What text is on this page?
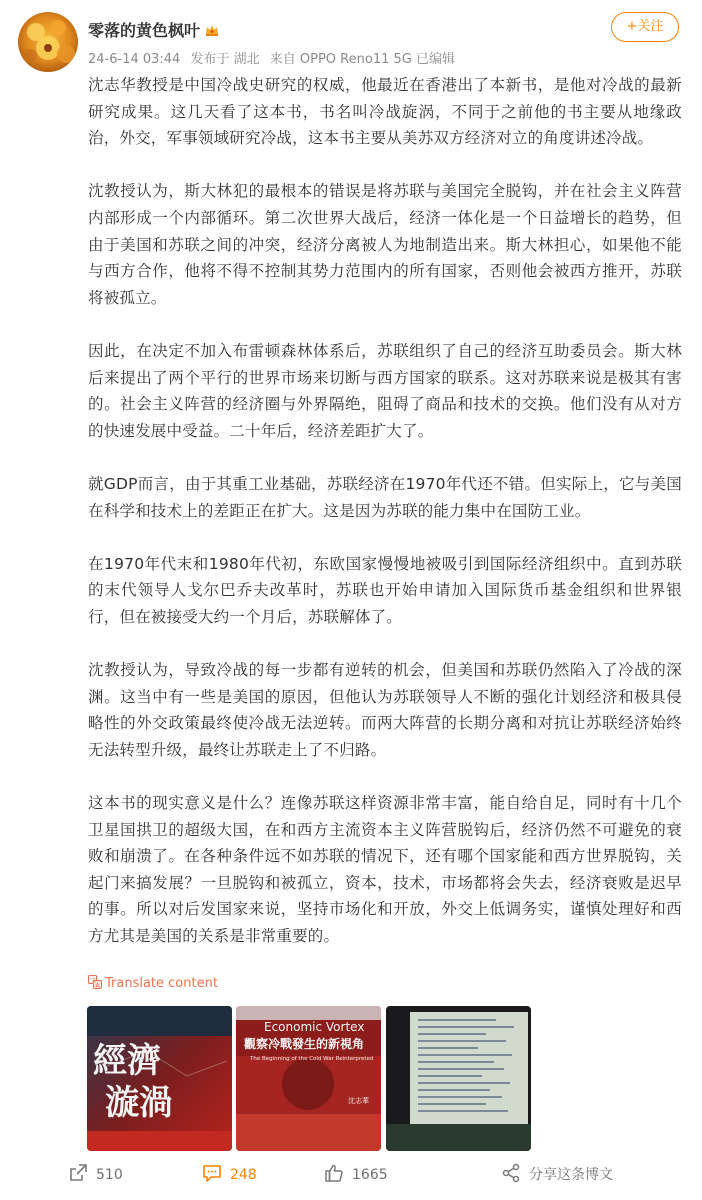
零落的黄色枫叶
24-6-14 03:44 发布于 湖北 来自 OPPO Reno11 5G 已编辑
+关注

沈志华教授是中国冷战史研究的权威，他最近在香港出了本新书，是他对冷战的最新研究成果。这几天看了这本书，书名叫冷战旋涡，不同于之前他的书主要从地缘政治，外交，军事领域研究冷战，这本书主要从美苏双方经济对立的角度讲述冷战。

沈教授认为，斯大林犯的最根本的错误是将苏联与美国完全脱钩，并在社会主义阵营内部形成一个内部循环。第二次世界大战后，经济一体化是一个日益增长的趋势，但由于美国和苏联之间的冲突，经济分离被人为地制造出来。斯大林担心，如果他不能与西方合作，他将不得不控制其势力范围内的所有国家，否则他会被西方推开，苏联将被孤立。

因此，在决定不加入布雷顿森林体系后，苏联组织了自己的经济互助委员会。斯大林后来提出了两个平行的世界市场来切断与西方国家的联系。这对苏联来说是极其有害的。社会主义阵营的经济圈与外界隔绝，阻碍了商品和技术的交换。他们没有从对方的快速发展中受益。二十年后，经济差距扩大了。

就GDP而言，由于其重工业基础，苏联经济在1970年代还不错。但实际上，它与美国在科学和技术上的差距正在扩大。这是因为苏联的能力集中在国防工业。

在1970年代末和1980年代初，东欧国家慢慢地被吸引到国际经济组织中。直到苏联的末代领导人戈尔巴乔夫改革时，苏联也开始申请加入国际货币基金组织和世界银行，但在被接受大约一个月后，苏联解体了。

沈教授认为，导致冷战的每一步都有逆转的机会，但美国和苏联仍然陷入了冷战的深渊。这当中有一些是美国的原因，但他认为苏联领导人不断的强化计划经济和极具侵略性的外交政策最终使冷战无法逆转。而两大阵营的长期分离和对抗让苏联经济始终无法转型升级，最终让苏联走上了不归路。

这本书的现实意义是什么？连像苏联这样资源非常丰富，能自给自足，同时有十几个卫星国拱卫的超级大国，在和西方主流资本主义阵营脱钩后，经济仍然不可避免的衰败和崩溃了。在各种条件远不如苏联的情况下，还有哪个国家能和西方世界脱钩，关起门来搞发展？一旦脱钩和被孤立，资本，技术，市场都将会失去，经济衰败是迟早的事。所以对后发国家来说，坚持市场化和开放，外交上低调务实，谨慎处理好和西方尤其是美国的关系是非常重要的。

文
A Translate content
經濟
漩渦
Economic Vortex
觀察冷戰發生的新視角
The Beginning of the Cold War Reinterpreted
沈志華
510	248	1665	分享这条博文
